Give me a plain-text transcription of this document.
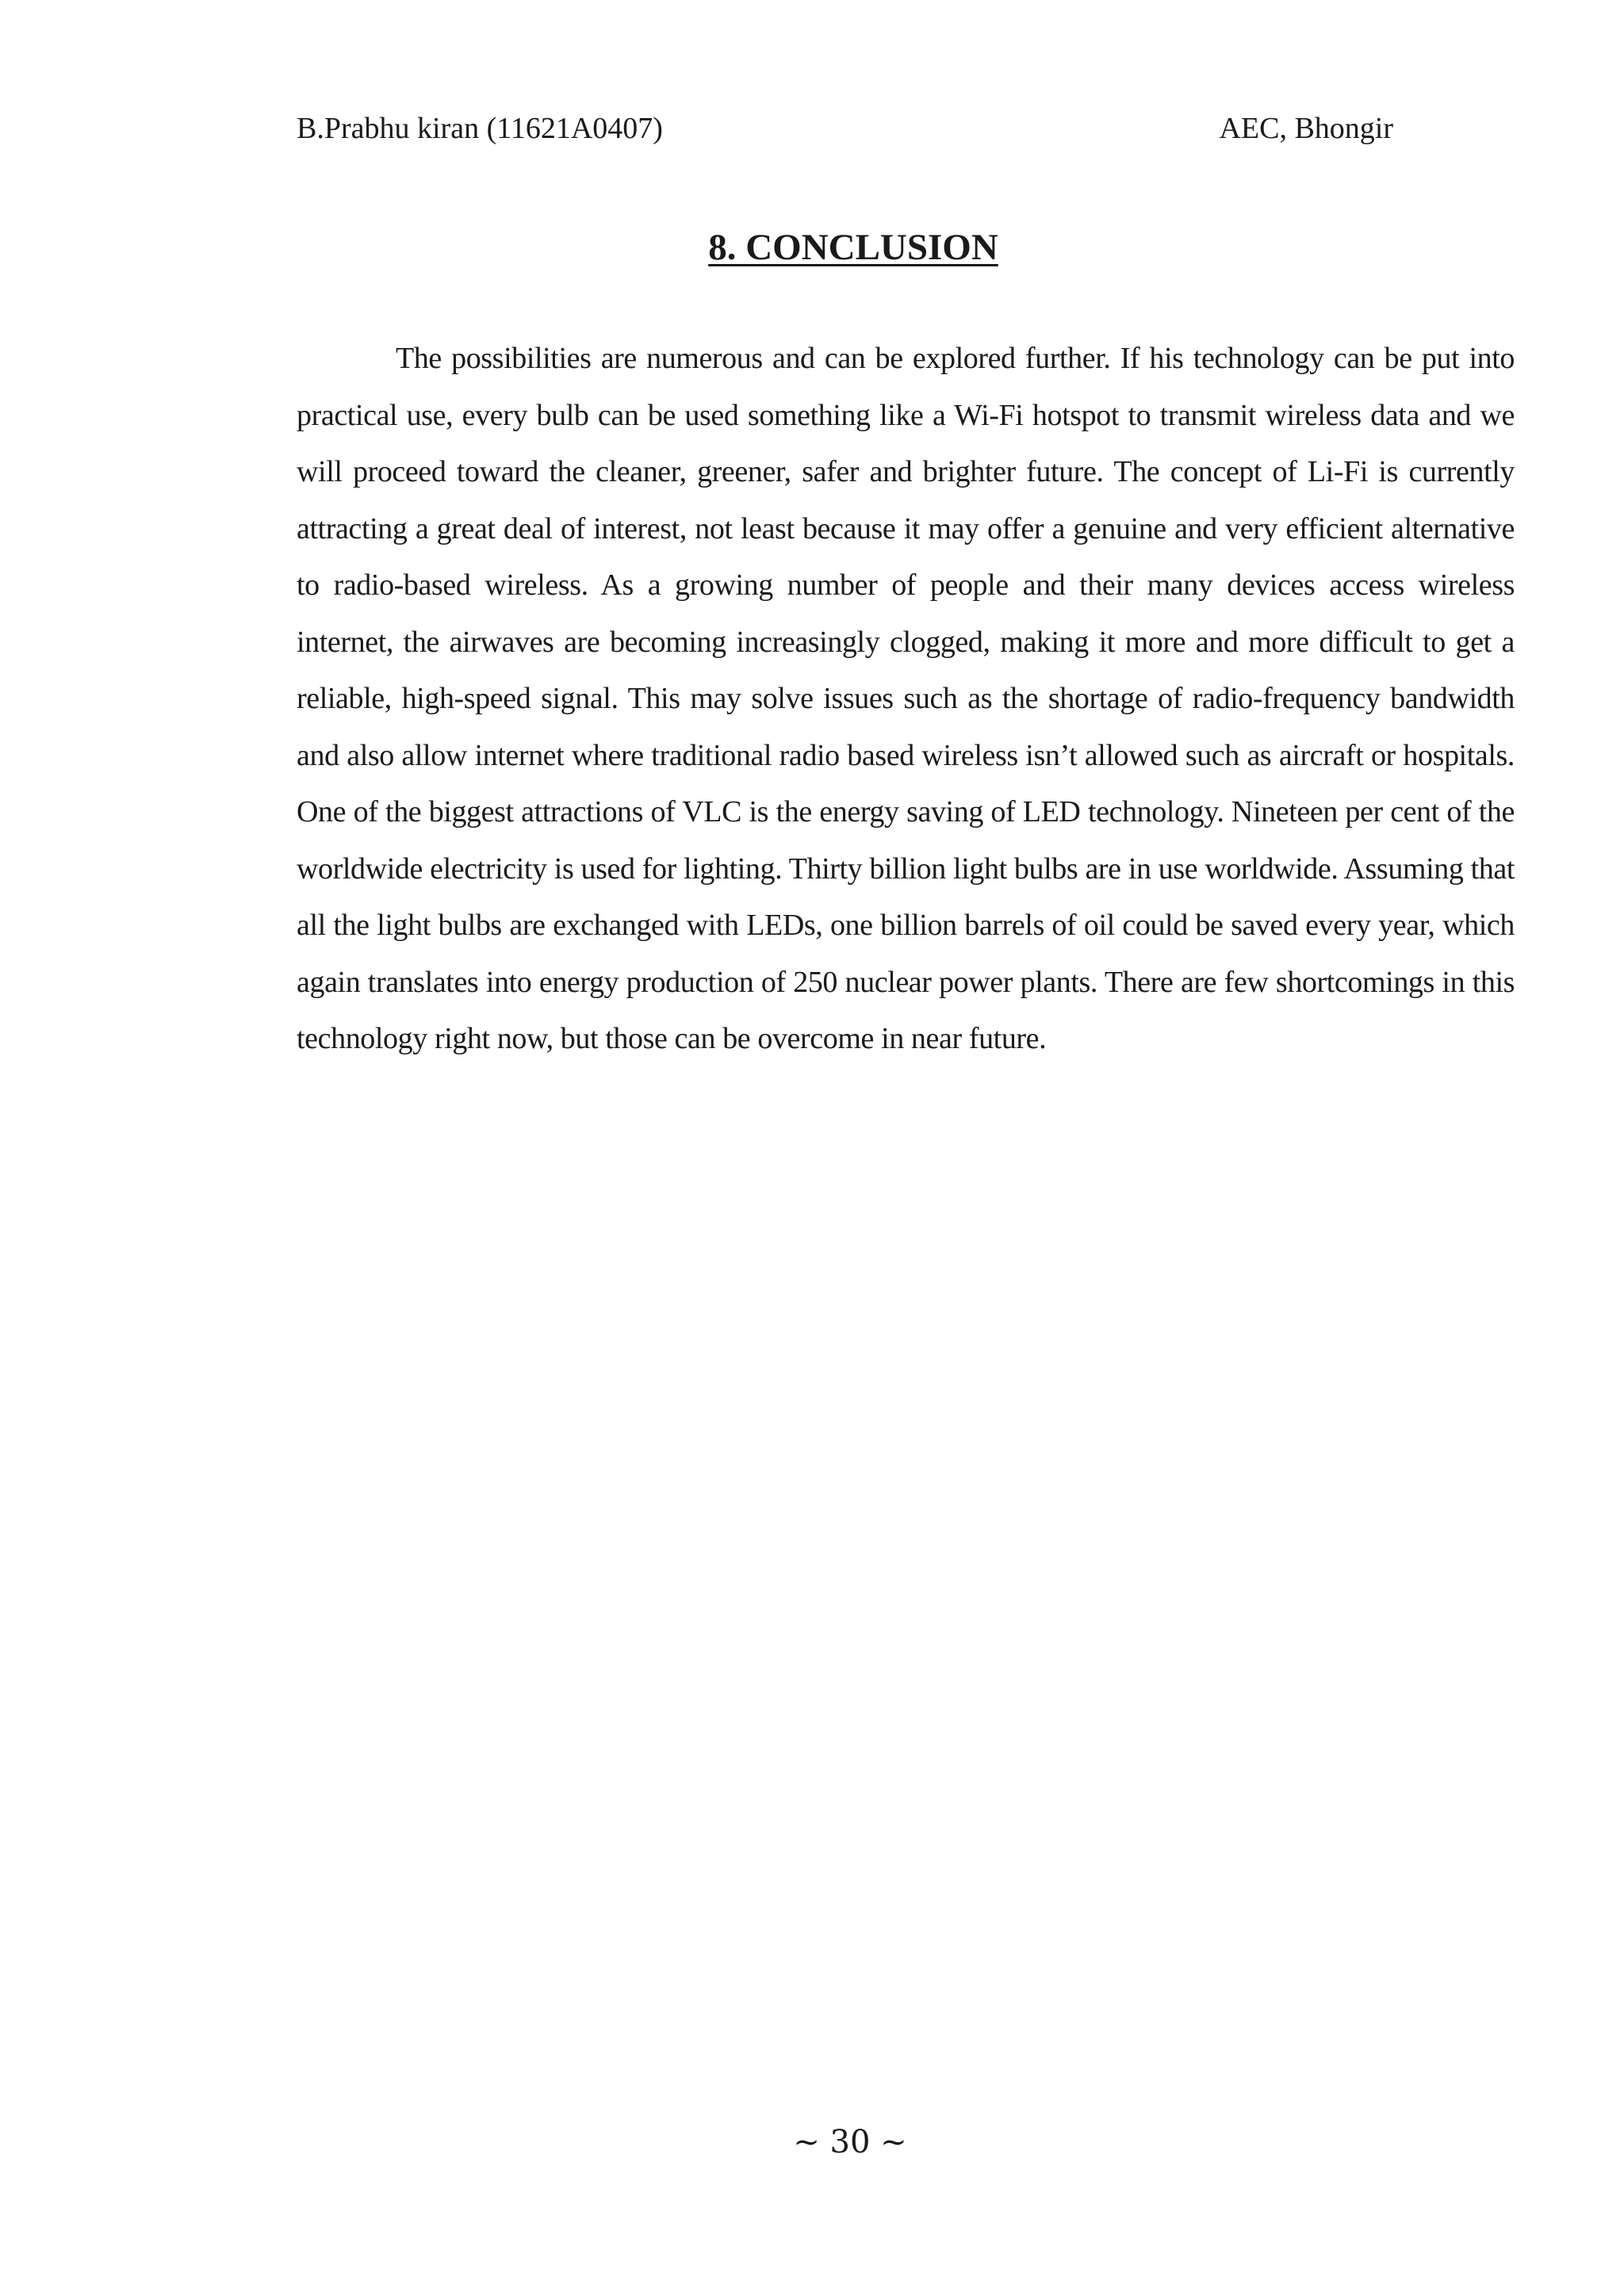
B.Prabhu kiran (11621A0407)	AEC, Bhongir
8. CONCLUSION

The possibilities are numerous and can be explored further. If his technology can be put into practical use, every bulb can be used something like a Wi-Fi hotspot to transmit wireless data and we will proceed toward the cleaner, greener, safer and brighter future. The concept of Li-Fi is currently attracting a great deal of interest, not least because it may offer a genuine and very efficient alternative to radio-based wireless. As a growing number of people and their many devices access wireless internet, the airwaves are becoming increasingly clogged, making it more and more difficult to get a reliable, high-speed signal. This may solve issues such as the shortage of radio-frequency bandwidth and also allow internet where traditional radio based wireless isn’t allowed such as aircraft or hospitals. One of the biggest attractions of VLC is the energy saving of LED technology. Nineteen per cent of the worldwide electricity is used for lighting. Thirty billion light bulbs are in use worldwide. Assuming that all the light bulbs are exchanged with LEDs, one billion barrels of oil could be saved every year, which again translates into energy production of 250 nuclear power plants. There are few shortcomings in this technology right now, but those can be overcome in near future.

~ 30 ~
